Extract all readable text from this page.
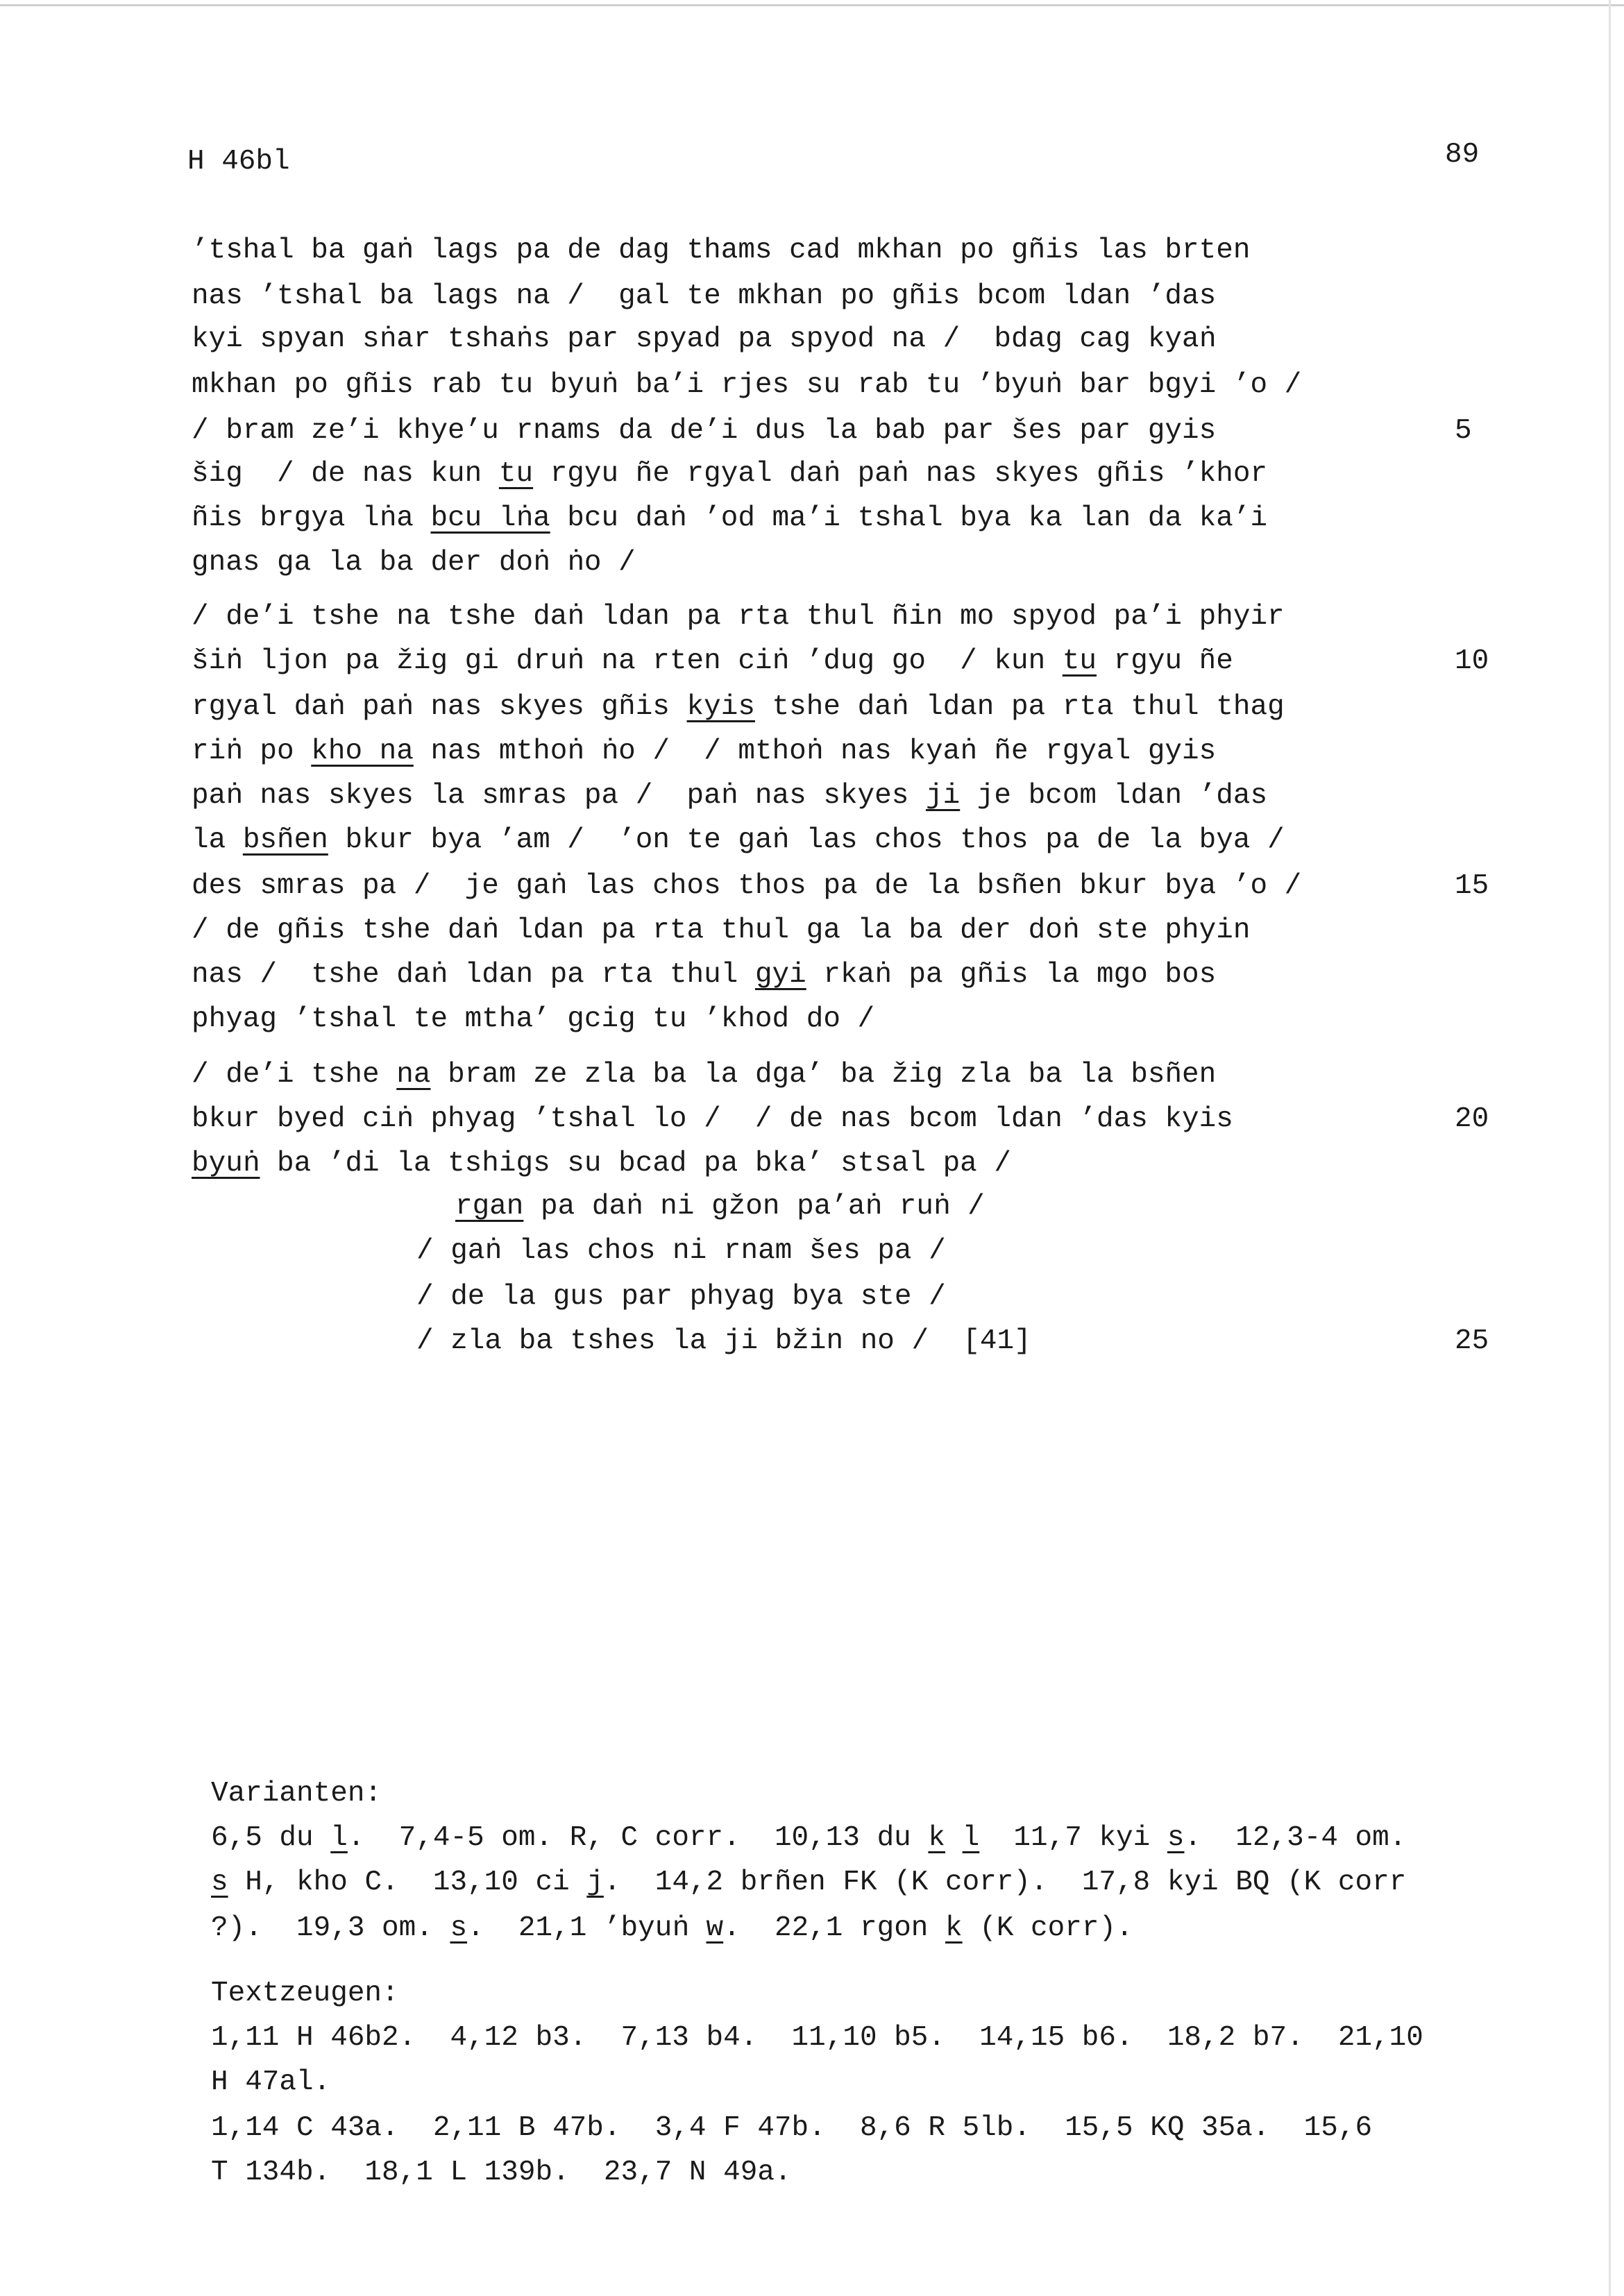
H 46bl	89
’tshal ba gaṅ lags pa de dag thams cad mkhan po gñis las brten
nas ’tshal ba lags na /  gal te mkhan po gñis bcom ldan ’das
kyi spyan sṅar tshaṅs par spyad pa spyod na /  bdag cag kyaṅ
mkhan po gñis rab tu byuṅ ba’i rjes su rab tu ’byuṅ bar bgyi ’o /
/ bram ze’i khye’u rnams da de’i dus la bab par šes par gyis
šig  / de nas kun tu rgyu ñe rgyal daṅ paṅ nas skyes gñis ’khor
ñis brgya lṅa bcu lṅa bcu daṅ ’od ma’i tshal bya ka lan da ka’i
gnas ga la ba der doṅ ṅo /
/ de’i tshe na tshe daṅ ldan pa rta thul ñin mo spyod pa’i phyir
šiṅ ljon pa žig gi druṅ na rten ciṅ ’dug go  / kun tu rgyu ñe
rgyal daṅ paṅ nas skyes gñis kyis tshe daṅ ldan pa rta thul thag
riṅ po kho na nas mthoṅ ṅo /  / mthoṅ nas kyaṅ ñe rgyal gyis
paṅ nas skyes la smras pa /  paṅ nas skyes ji je bcom ldan ’das
la bsñen bkur bya ’am /  ’on te gaṅ las chos thos pa de la bya /
des smras pa /  je gaṅ las chos thos pa de la bsñen bkur bya ’o /
/ de gñis tshe daṅ ldan pa rta thul ga la ba der doṅ ste phyin
nas /  tshe daṅ ldan pa rta thul gyi rkaṅ pa gñis la mgo bos
phyag ’tshal te mtha’ gcig tu ’khod do /
/ de’i tshe na bram ze zla ba la dga’ ba žig zla ba la bsñen
bkur byed ciṅ phyag ’tshal lo /  / de nas bcom ldan ’das kyis
byuṅ ba ’di la tshigs su bcad pa bka’ stsal pa /
rgan pa daṅ ni gžon pa’aṅ ruṅ /
/ gaṅ las chos ni rnam šes pa /
/ de la gus par phyag bya ste /
/ zla ba tshes la ji bžin no /  [41]
5
10
15
20
25
Varianten:
6,5 du l.  7,4-5 om. R, C corr.  10,13 du k l  11,7 kyi s.  12,3-4 om.
s H, kho C.  13,10 ci j.  14,2 brñen FK (K corr).  17,8 kyi BQ (K corr
?).  19,3 om. s.  21,1 ’byuṅ w.  22,1 rgon k (K corr).
Textzeugen:
1,11 H 46b2.  4,12 b3.  7,13 b4.  11,10 b5.  14,15 b6.  18,2 b7.  21,10
H 47al.
1,14 C 43a.  2,11 B 47b.  3,4 F 47b.  8,6 R 5lb.  15,5 KQ 35a.  15,6
T 134b.  18,1 L 139b.  23,7 N 49a.
